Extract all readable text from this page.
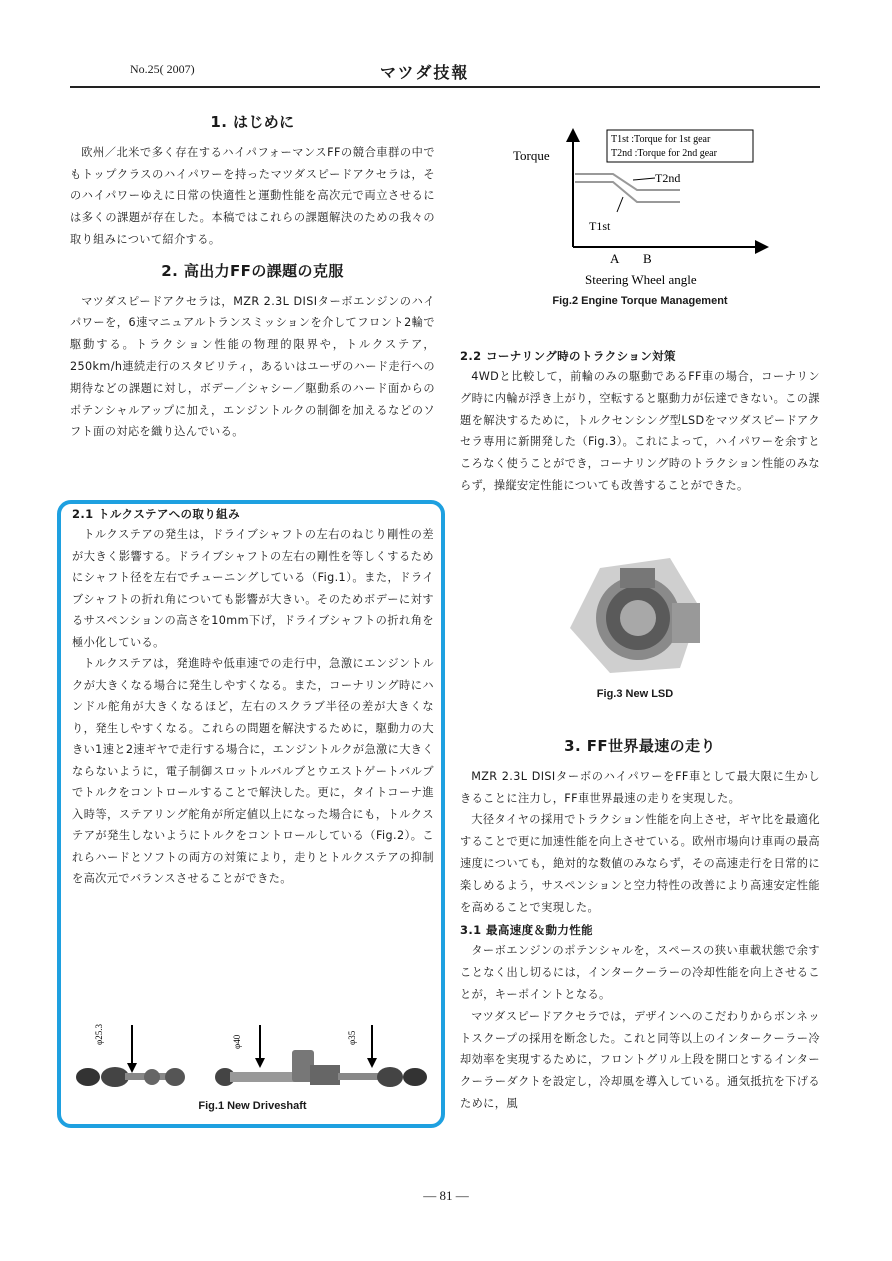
No.25( 2007)	マツダ技報
1. はじめに

欧州／北米で多く存在するハイパフォーマンスFFの競合車群の中でもトップクラスのハイパワーを持ったマツダスピードアクセラは，そのハイパワーゆえに日常の快適性と運動性能を高次元で両立させるには多くの課題が存在した。本稿ではこれらの課題解決のための我々の取り組みについて紹介する。

2. 高出力FFの課題の克服

マツダスピードアクセラは，MZR 2.3L DISIターボエンジンのハイパワーを，6速マニュアルトランスミッションを介してフロント2輪で駆動する。トラクション性能の物理的限界や，トルクステア，250km/h連続走行のスタビリティ，あるいはユーザのハード走行への期待などの課題に対し，ボデー／シャシー／駆動系のハード面からのポテンシャルアップに加え，エンジントルクの制御を加えるなどのソフト面の対応を織り込んでいる。

2.1 トルクステアへの取り組み

トルクステアの発生は，ドライブシャフトの左右のねじり剛性の差が大きく影響する。ドライブシャフトの左右の剛性を等しくするためにシャフト径を左右でチューニングしている（Fig.1）。また，ドライブシャフトの折れ角についても影響が大きい。そのためボデーに対するサスペンションの高さを10mm下げ，ドライブシャフトの折れ角を極小化している。

トルクステアは，発進時や低車速での走行中，急激にエンジントルクが大きくなる場合に発生しやすくなる。また，コーナリング時にハンドル舵角が大きくなるほど，左右のスクラブ半径の差が大きくなり，発生しやすくなる。これらの問題を解決するために，駆動力の大きい1速と2速ギヤで走行する場合に，エンジントルクが急激に大きくならないように，電子制御スロットルバルブとウエストゲートバルブでトルクをコントロールすることで解決した。更に，タイトコーナ進入時等，ステアリング舵角が所定値以上になった場合にも，トルクステアが発生しないようにトルクをコントロールしている（Fig.2）。これらハードとソフトの両方の対策により，走りとトルクステアの抑制を高次元でバランスさせることができた。

φ25.3	φ40	φ35
Fig.1 New Driveshaft
Torque
T1st :Torque for 1st gear
T2nd :Torque for 2nd gear
T2nd
T1st
A B
Steering Wheel angle
Fig.2 Engine Torque Management
2.2 コーナリング時のトラクション対策

4WDと比較して，前輪のみの駆動であるFF車の場合，コーナリング時に内輪が浮き上がり，空転すると駆動力が伝達できない。この課題を解決するために，トルクセンシング型LSDをマツダスピードアクセラ専用に新開発した（Fig.3）。これによって，ハイパワーを余すところなく使うことができ，コーナリング時のトラクション性能のみならず，操縦安定性能についても改善することができた。

Fig.3 New LSD
3. FF世界最速の走り

MZR 2.3L DISIターボのハイパワーをFF車として最大限に生かしきることに注力し，FF車世界最速の走りを実現した。

大径タイヤの採用でトラクション性能を向上させ，ギヤ比を最適化することで更に加速性能を向上させている。欧州市場向け車両の最高速度についても，絶対的な数値のみならず，その高速走行を日常的に楽しめるよう，サスペンションと空力特性の改善により高速安定性能を高めることで実現した。

3.1 最高速度＆動力性能

ターボエンジンのポテンシャルを，スペースの狭い車載状態で余すことなく出し切るには，インタークーラーの冷却性能を向上させることが，キーポイントとなる。

マツダスピードアクセラでは，デザインへのこだわりからボンネットスクープの採用を断念した。これと同等以上のインタークーラー冷却効率を実現するために，フロントグリル上段を開口とするインタークーラーダクトを設定し，冷却風を導入している。通気抵抗を下げるために，風

― 81 ―
